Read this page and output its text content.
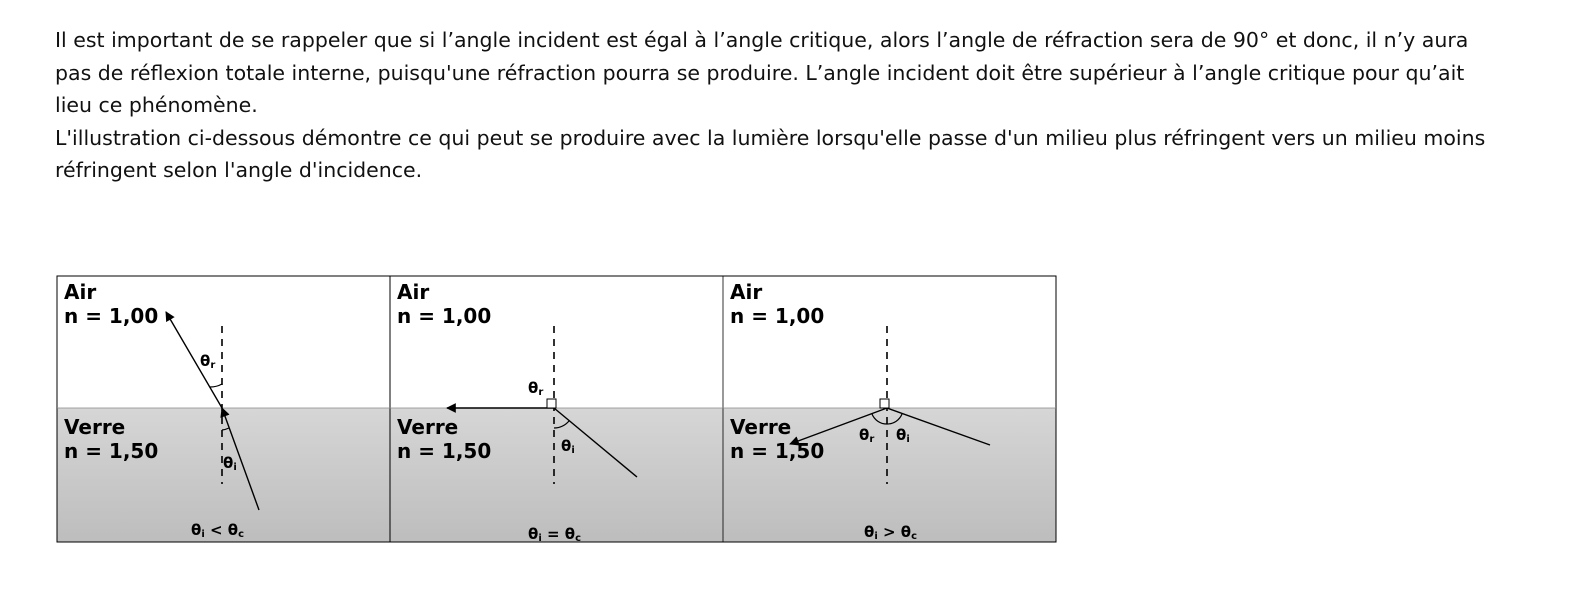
Il est important de se rappeler que si l’angle incident est égal à l’angle critique, alors l’angle de réfraction sera de 90° et donc, il n’y aura pas de réflexion totale interne, puisqu'une réfraction pourra se produire. L’angle incident doit être supérieur à l’angle critique pour qu’ait lieu ce phénomène.

L'illustration ci-dessous démontre ce qui peut se produire avec la lumière lorsqu'elle passe d'un milieu plus réfringent vers un milieu moins réfringent selon l'angle d'incidence.

Air
n = 1,00
Verre
n = 1,50
θr
θi
θi < θc
Air
n = 1,00
Verre
n = 1,50
θr
θi
θi = θc
Air
n = 1,00
Verre
n = 1,50
θr θi
θi > θc
